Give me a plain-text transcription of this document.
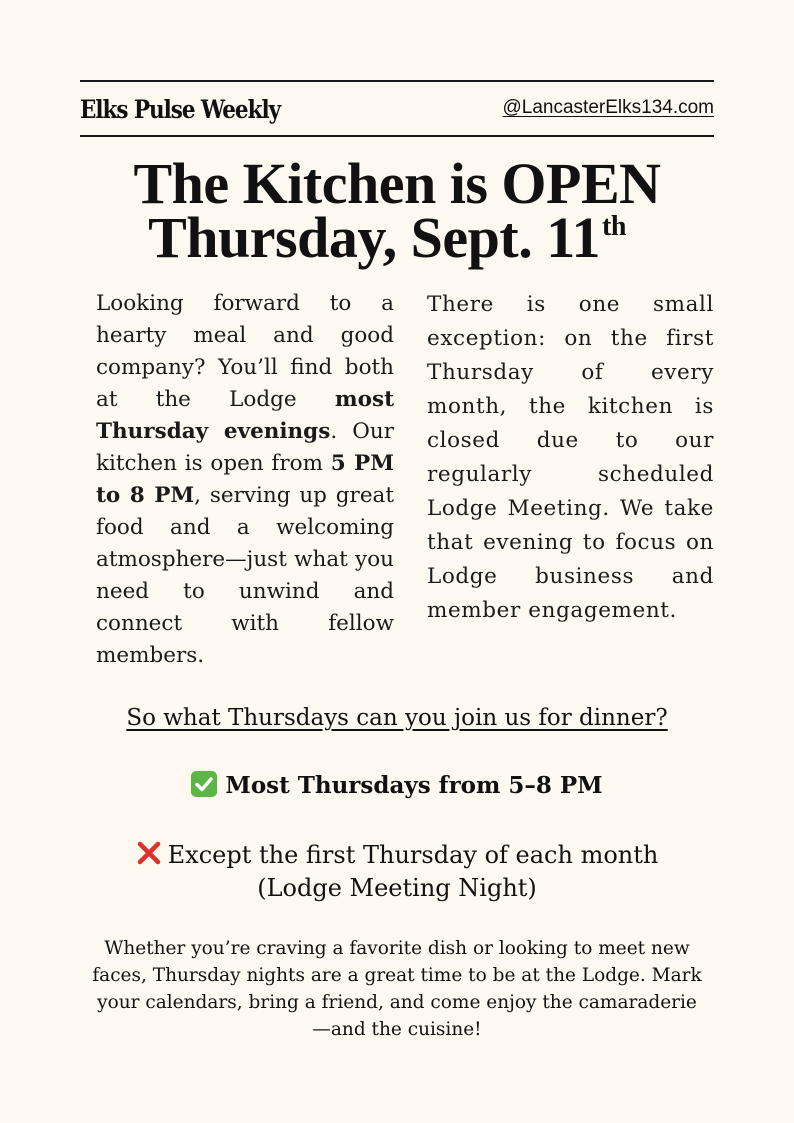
Elks Pulse Weekly	@LancasterElks134.com
The Kitchen is OPEN
Thursday, Sept. 11th
Looking forward to a hearty meal and good company? You’ll find both at the Lodge most Thursday evenings. Our kitchen is open from 5 PM to 8 PM, serving up great food and a welcoming atmosphere—just what you need to unwind and connect with fellow members.
There is one small exception: on the first Thursday of every month, the kitchen is closed due to our regularly scheduled Lodge Meeting. We take that evening to focus on Lodge business and member engagement.
So what Thursdays can you join us for dinner?
Most Thursdays from 5–8 PM
Except the first Thursday of each month
(Lodge Meeting Night)
Whether you’re craving a favorite dish or looking to meet new faces, Thursday nights are a great time to be at the Lodge. Mark your calendars, bring a friend, and come enjoy the camaraderie—and the cuisine!
